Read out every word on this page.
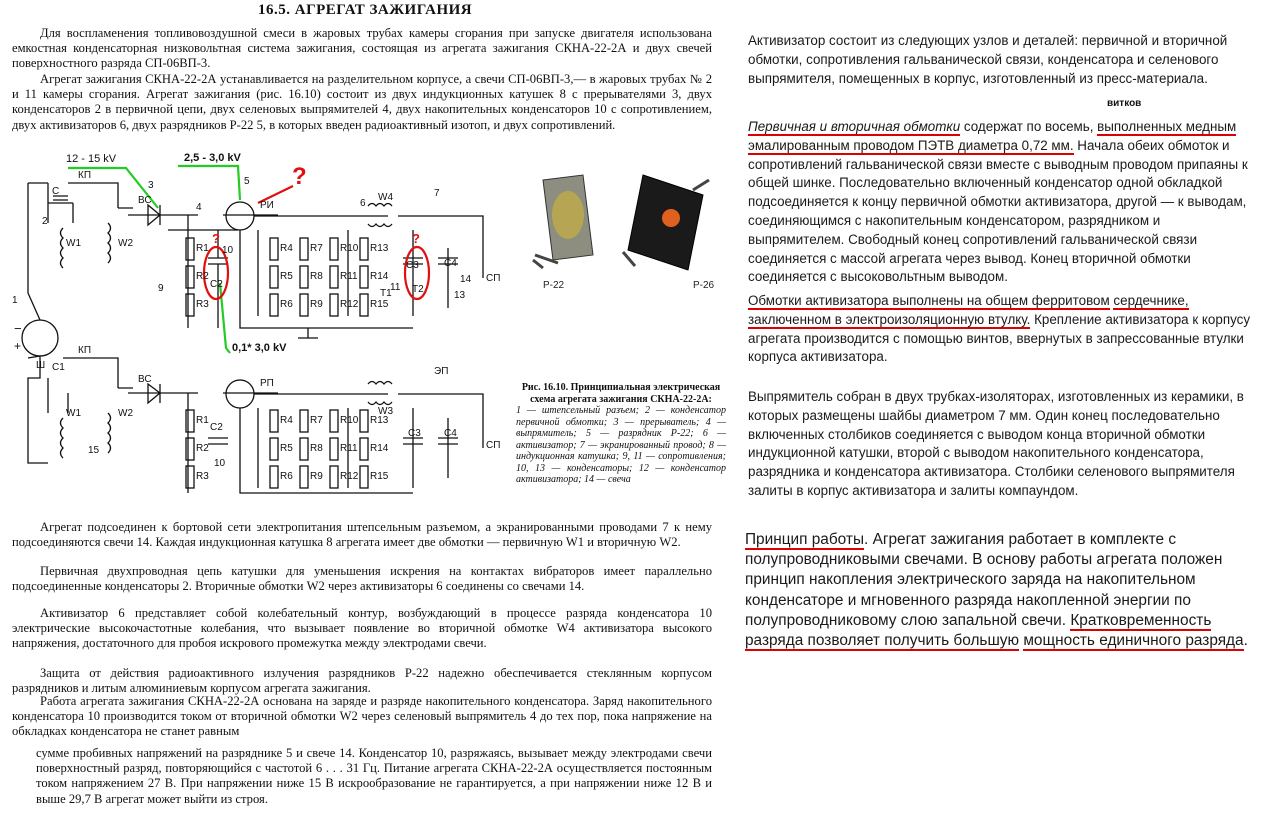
16.5. АГРЕГАТ ЗАЖИГАНИЯ

Для воспламенения топливовоздушной смеси в жаровых трубах камеры сгорания при запуске двигателя использована емкостная конденсаторная низковольтная система зажигания, состоящая из агрегата зажигания СКНА-22-2А и двух свечей поверхностного разряда СП-06ВП-3.

Агрегат зажигания СКНА-22-2А устанавливается на разделительном корпусе, а свечи СП-06ВП-3,— в жаровых трубах № 2 и 11 камеры сгорания. Агрегат зажигания (рис. 16.10) состоит из двух индукционных катушек 8 с прерывателями 3, двух конденсаторов 2 в первичной цепи, двух селеновых выпрямителей 4, двух накопительных конденсаторов 10 с сопротивлением, двух активизаторов 6, двух разрядников Р-22 5, в которых введен радиоактивный изотоп, и двух сопротивлений.

12 - 15 kV	2,5 - 3,0 kV
0,1* 3,0 kV
?
?	?
КП
ВС	РИ
W1	W2
W4
C
3
4
5
6
7
2
9
R1
R2
R3
10
C2
R4
R5
R6
R7
R8
R9
R10
R11
R12
R13
R14
R15
11
T1
C3
T2
C4
14
13
СП
1
−
+
Ш
КП
C1
ВС	РП
W1	W2	W3
ЭП
15
R1
R2
R3
C2
10
R4
R5
R6
R7
R8
R9
R10
R11
R12
R13
R14
R15
C3 C4
СП
Р-22	Р-26
Рис. 16.10. Принципиальная электрическая схема агрегата зажигания СКНА-22-2А:
1 — штепсельный разъем; 2 — конденсатор первичной обмотки; 3 — прерыватель; 4 — выпрямитель; 5 — разрядник Р-22; 6 — активизатор; 7 — экранированный провод; 8 — индукционная катушка; 9, 11 — сопротивления; 10, 13 — конденсаторы; 12 — конденсатор активизатора; 14 — свеча

Агрегат подсоединен к бортовой сети электропитания штепсельным разъемом, а экранированными проводами 7 к нему подсоединяются свечи 14. Каждая индукционная катушка 8 агрегата имеет две обмотки — первичную W1 и вторичную W2.

Первичная двухпроводная цепь катушки для уменьшения искрения на контактах вибраторов имеет параллельно подсоединенные конденсаторы 2. Вторичные обмотки W2 через активизаторы 6 соединены со свечами 14.

Активизатор 6 представляет собой колебательный контур, возбуждающий в процессе разряда конденсатора 10 электрические высокочастотные колебания, что вызывает появление во вторичной обмотке W4 активизатора высокого напряжения, достаточного для пробоя искрового промежутка между электродами свечи.

Защита от действия радиоактивного излучения разрядников Р-22 надежно обеспечивается стеклянным корпусом разрядников и литым алюминиевым корпусом агрегата зажигания.

Работа агрегата зажигания СКНА-22-2А основана на заряде и разряде накопительного конденсатора. Заряд накопительного конденсатора 10 производится током от вторичной обмотки W2 через селеновый выпрямитель 4 до тех пор, пока напряжение на обкладках конденсатора не станет равным

сумме пробивных напряжений на разряднике 5 и свече 14. Конденсатор 10, разряжаясь, вызывает между электродами свечи поверхностный разряд, повторяющийся с частотой 6 . . . 31 Гц. Питание агрегата СКНА-22-2А осуществляется постоянным током напряжением 27 В. При напряжении ниже 15 В искрообразование не гарантируется, а при напряжении ниже 12 В и выше 29,7 В агрегат может выйти из строя.

Активизатор состоит из следующих узлов и деталей: первичной и вторичной обмотки, сопротивления гальванической связи, конденсатора и селенового выпрямителя, помещенных в корпус, изготовленный из пресс-материала.

витков

Первичная и вторичная обмотки содержат по восемь, выполненных медным эмалированным проводом ПЭТВ диаметра 0,72 мм. Начала обеих обмоток и сопротивлений гальванической связи вместе с выводным проводом припаяны к общей шинке. Последовательно включенный конденсатор одной обкладкой подсоединяется к концу первичной обмотки активизатора, другой — к выводам, соединяющимся с накопительным конденсатором, разрядником и выпрямителем. Свободный конец сопротивлений гальванической связи соединяется с массой агрегата через вывод. Конец вторичной обмотки соединяется с высоковольтным выводом.

Обмотки активизатора выполнены на общем ферритовом сердечнике, заключенном в электроизоляционную втулку. Крепление активизатора к корпусу агрегата производится с помощью винтов, ввернутых в запрессованные втулки корпуса активизатора.

Выпрямитель собран в двух трубках-изоляторах, изготовленных из керамики, в которых размещены шайбы диаметром 7 мм. Один конец последовательно включенных столбиков соединяется с выводом конца вторичной обмотки индукционной катушки, второй с выводом накопительного конденсатора, разрядника и конденсатора активизатора. Столбики селенового выпрямителя залиты в корпус активизатора и залиты компаундом.

Принцип работы. Агрегат зажигания работает в комплекте с полупроводниковыми свечами. В основу работы агрегата положен принцип накопления электрического заряда на накопительном конденсаторе и мгновенного разряда накопленной энергии по полупроводниковому слою запальной свечи. Кратковременность разряда позволяет получить большую мощность единичного разряда.
